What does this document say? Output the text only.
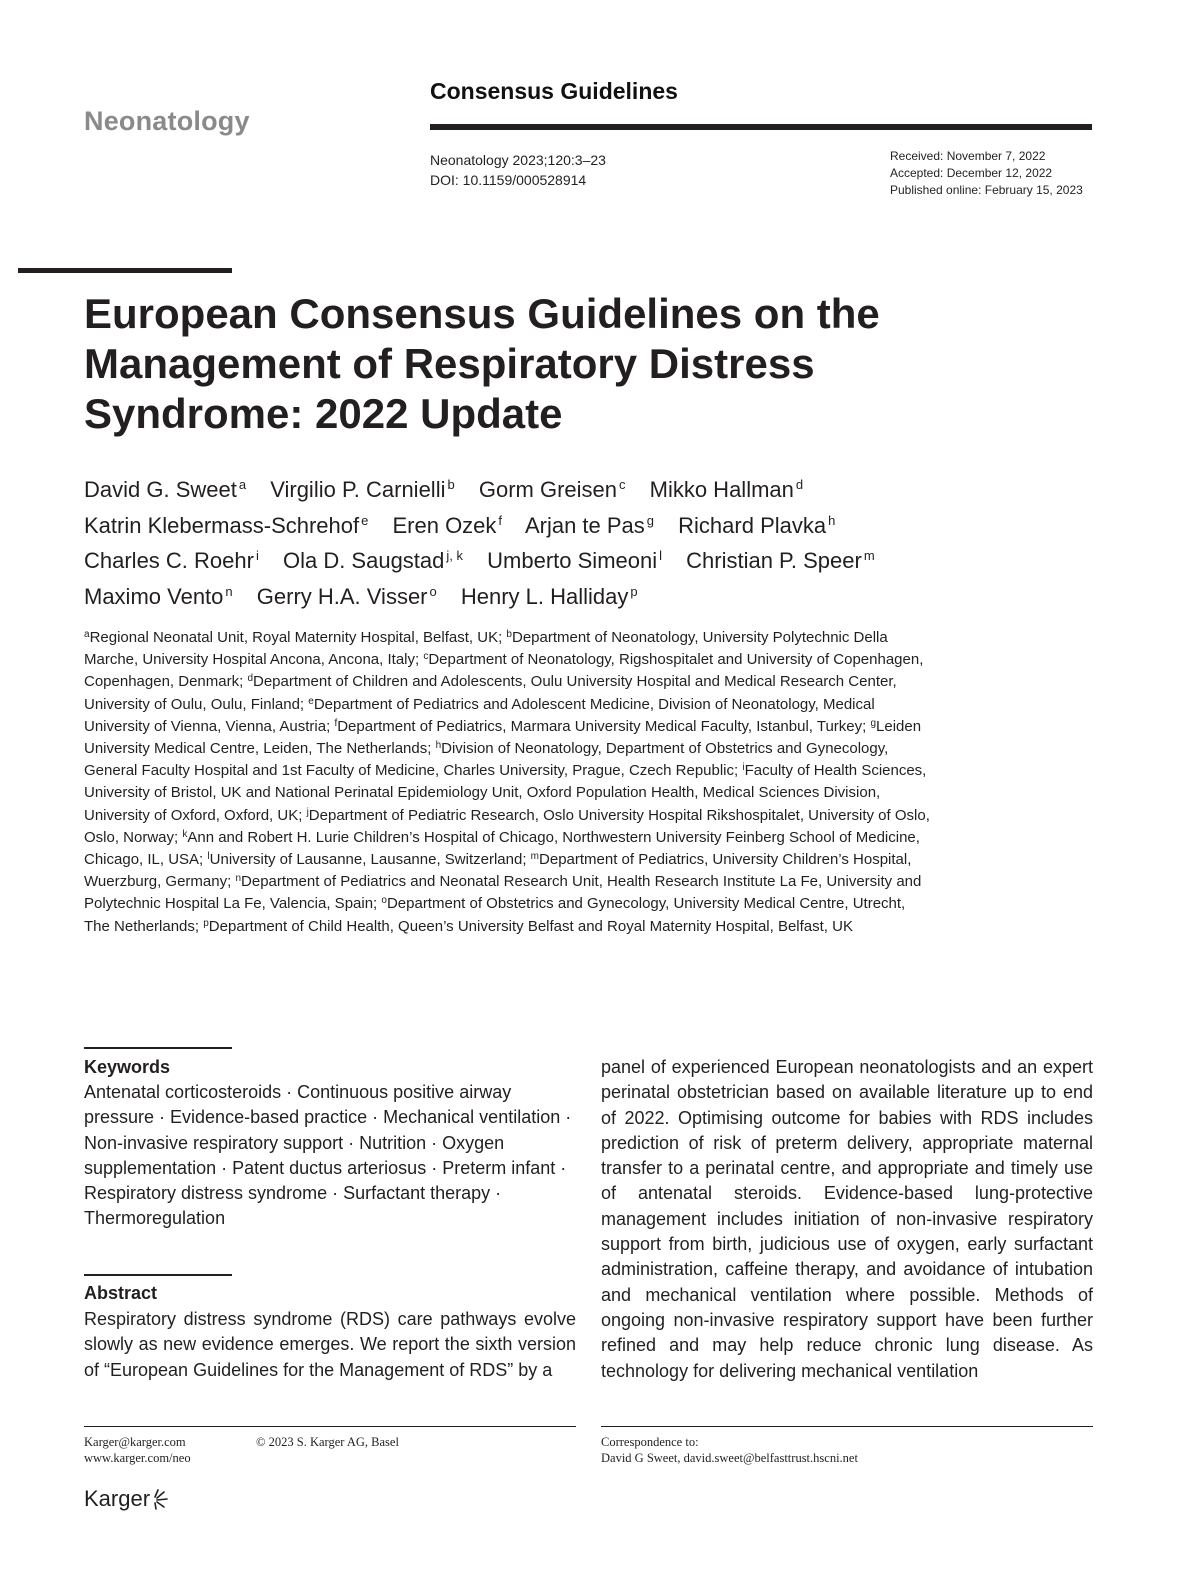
Neonatology
Consensus Guidelines
Neonatology 2023;120:3–23
DOI: 10.1159/000528914
Received: November 7, 2022
Accepted: December 12, 2022
Published online: February 15, 2023
European Consensus Guidelines on the
Management of Respiratory Distress
Syndrome: 2022 Update
David G. Sweet $^a$ Virgilio P. Carnielli $^b$ Gorm Greisen $^c$ Mikko Hallman $^d$
Katrin Klebermass-Schrehof $^e$ Eren Ozek $^f$ Arjan te Pas $^g$ Richard Plavka $^h$
Charles C. Roehr $^i$ Ola D. Saugstad $^{j, k}$ Umberto Simeoni $^l$ Christian P. Speer $^m$
Maximo Vento $^n$ Gerry H.A. Visser $^o$ Henry L. Halliday $^p$
$^a$Regional Neonatal Unit, Royal Maternity Hospital, Belfast, UK; $^b$Department of Neonatology, University Polytechnic Della Marche, University Hospital Ancona, Ancona, Italy; $^c$Department of Neonatology, Rigshospitalet and University of Copenhagen, Copenhagen, Denmark; $^d$Department of Children and Adolescents, Oulu University Hospital and Medical Research Center, University of Oulu, Oulu, Finland; $^e$Department of Pediatrics and Adolescent Medicine, Division of Neonatology, Medical University of Vienna, Vienna, Austria; $^f$Department of Pediatrics, Marmara University Medical Faculty, Istanbul, Turkey; $^g$Leiden University Medical Centre, Leiden, The Netherlands; $^h$Division of Neonatology, Department of Obstetrics and Gynecology, General Faculty Hospital and 1st Faculty of Medicine, Charles University, Prague, Czech Republic; $^i$Faculty of Health Sciences, University of Bristol, UK and National Perinatal Epidemiology Unit, Oxford Population Health, Medical Sciences Division, University of Oxford, Oxford, UK; $^j$Department of Pediatric Research, Oslo University Hospital Rikshospitalet, University of Oslo, Oslo, Norway; $^k$Ann and Robert H. Lurie Children’s Hospital of Chicago, Northwestern University Feinberg School of Medicine, Chicago, IL, USA; $^l$University of Lausanne, Lausanne, Switzerland; $^m$Department of Pediatrics, University Children’s Hospital, Wuerzburg, Germany; $^n$Department of Pediatrics and Neonatal Research Unit, Health Research Institute La Fe, University and Polytechnic Hospital La Fe, Valencia, Spain; $^o$Department of Obstetrics and Gynecology, University Medical Centre, Utrecht, The Netherlands; $^p$Department of Child Health, Queen’s University Belfast and Royal Maternity Hospital, Belfast, UK
Keywords
Antenatal corticosteroids · Continuous positive airway pressure · Evidence-based practice · Mechanical ventilation · Non-invasive respiratory support · Nutrition · Oxygen supplementation · Patent ductus arteriosus · Preterm infant · Respiratory distress syndrome · Surfactant therapy · Thermoregulation
Abstract
Respiratory distress syndrome (RDS) care pathways evolve slowly as new evidence emerges. We report the sixth version of “European Guidelines for the Management of RDS” by a
panel of experienced European neonatologists and an expert perinatal obstetrician based on available literature up to end of 2022. Optimising outcome for babies with RDS includes prediction of risk of preterm delivery, appropriate maternal transfer to a perinatal centre, and appropriate and timely use of antenatal steroids. Evidence-based lung-protective management includes initiation of non-invasive respiratory support from birth, judicious use of oxygen, early surfactant administration, caffeine therapy, and avoidance of intubation and mechanical ventilation where possible. Methods of ongoing non-invasive respiratory support have been further refined and may help reduce chronic lung disease. As technology for delivering mechanical ventilation
Karger@karger.com
www.karger.com/neo
© 2023 S. Karger AG, Basel	Correspondence to:
David G Sweet, david.sweet@belfasttrust.hscni.net
Karger
